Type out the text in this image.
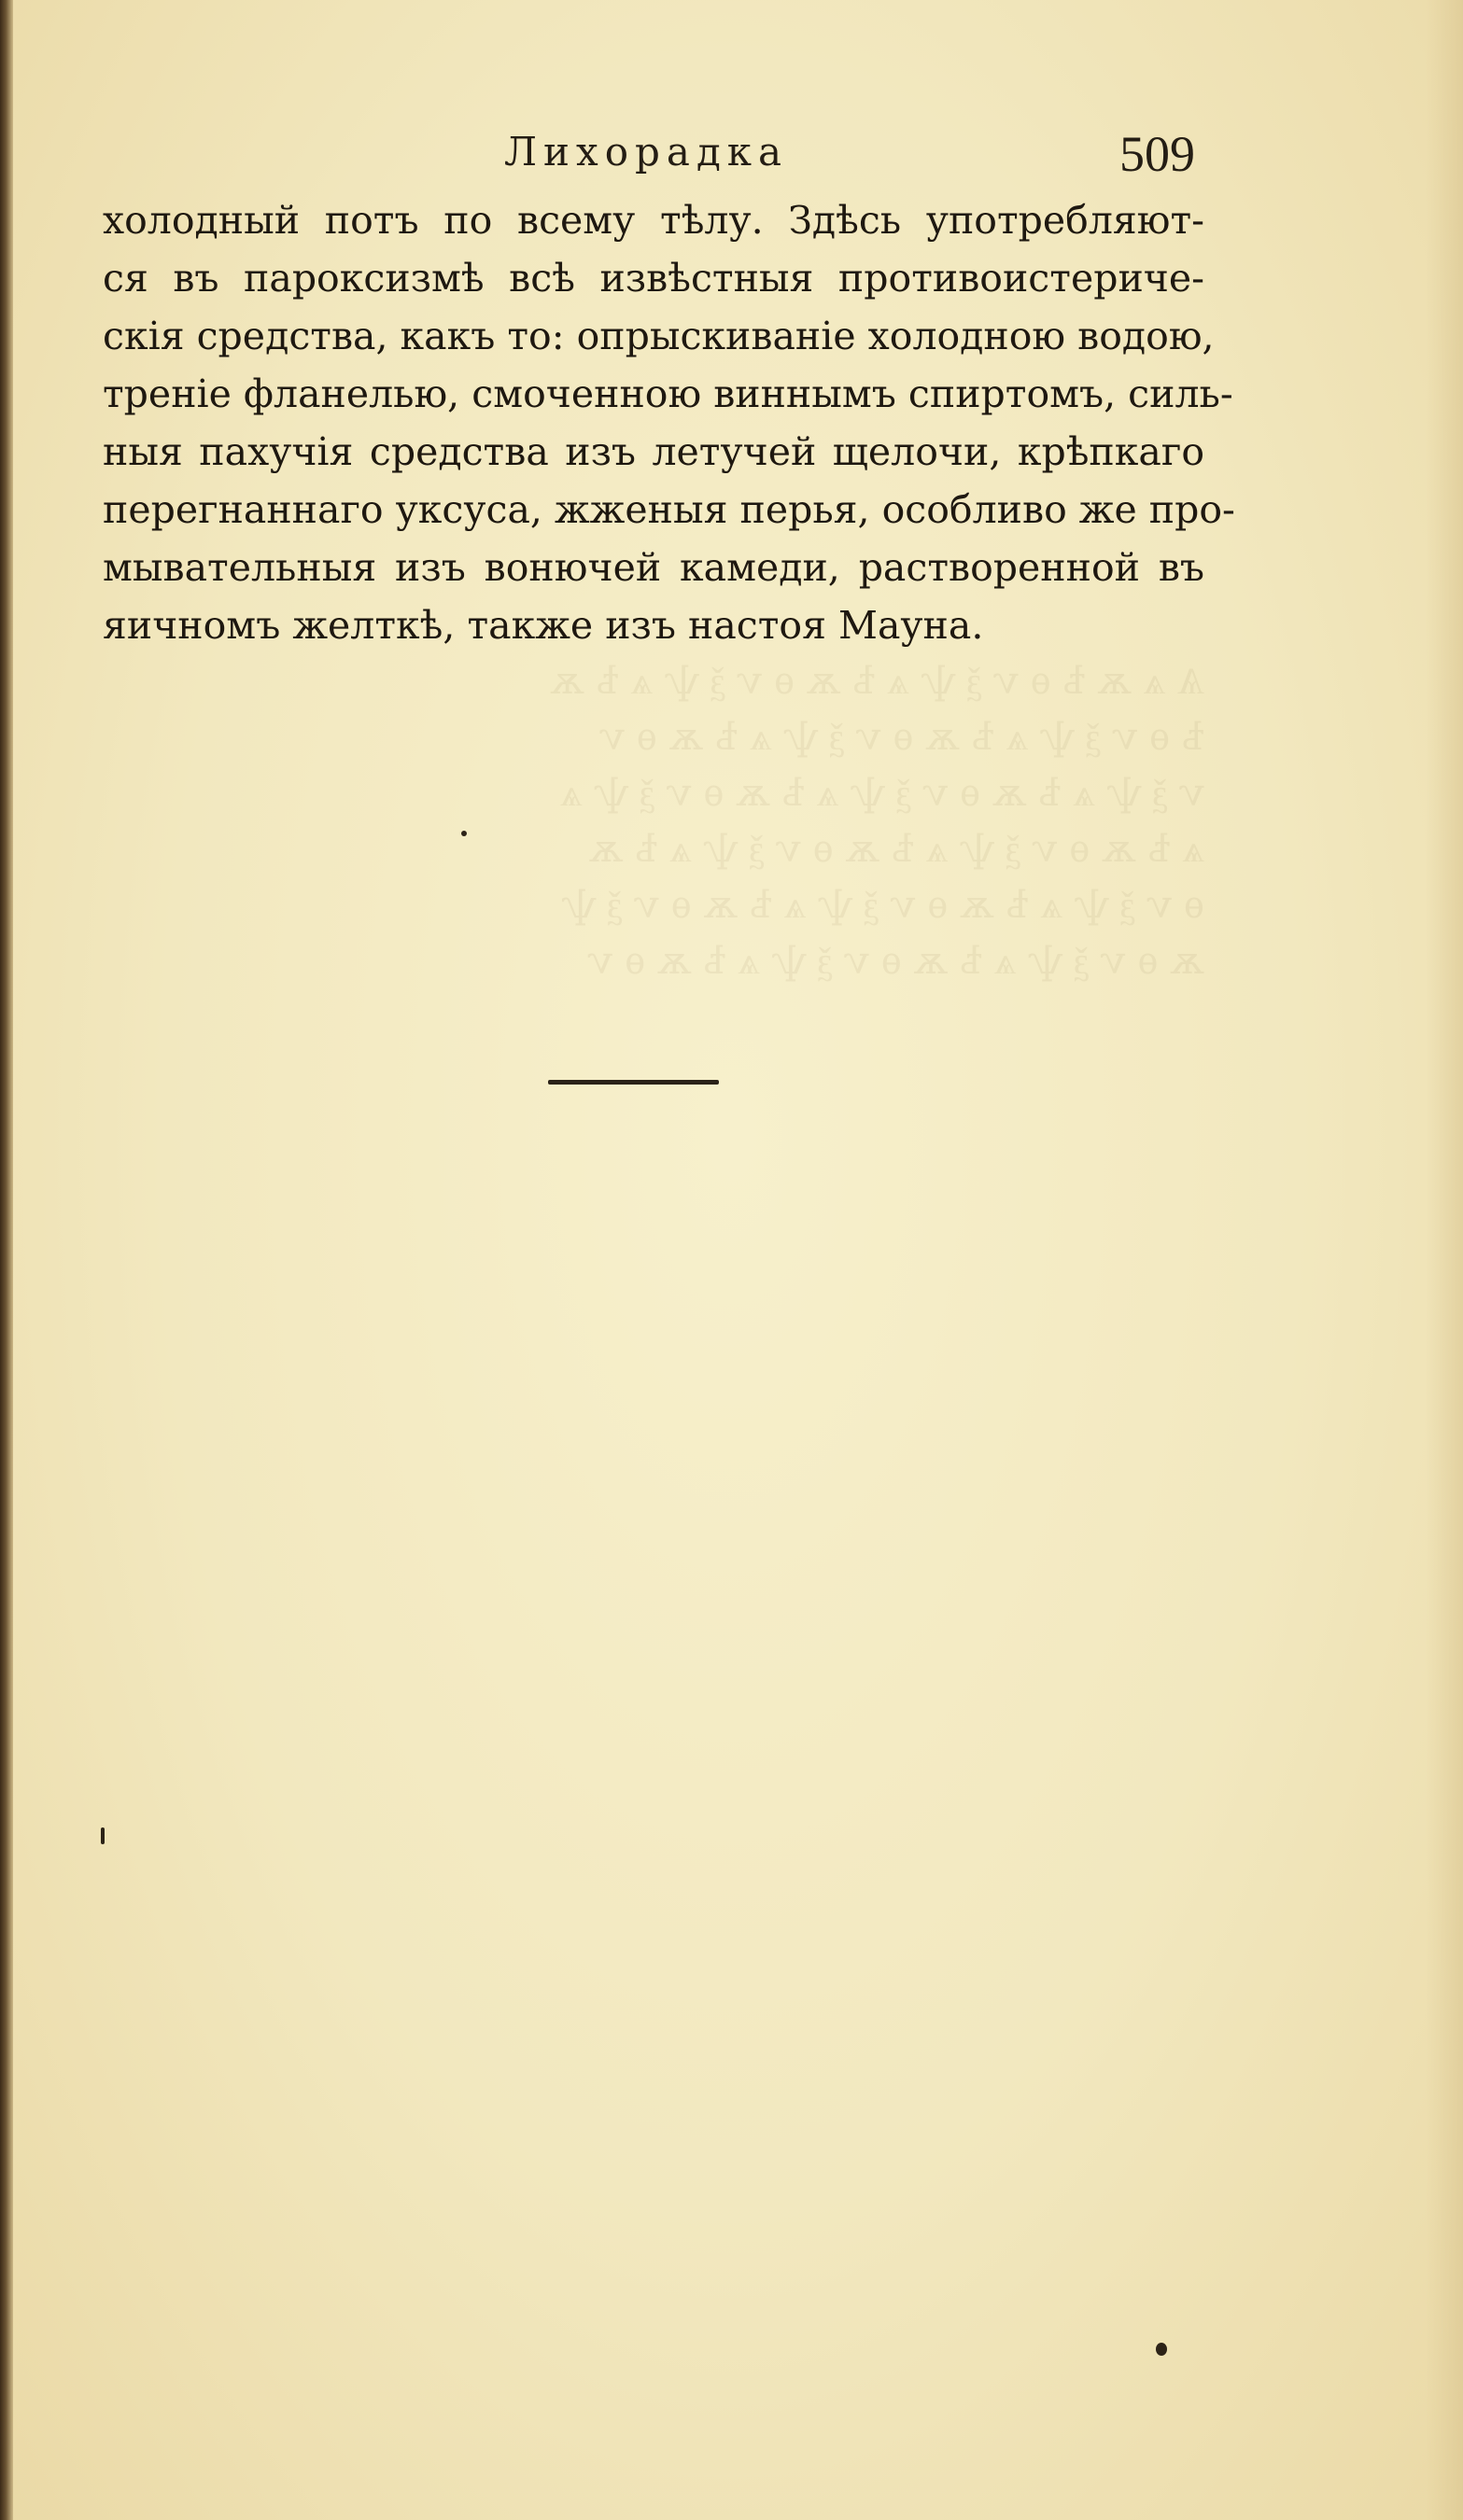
Ѧ ѧ ѫ ѣ ѳ ѵ ѯ ѱ ѧ ѣ ѫ ѳ ѵ ѯ ѱ ѧ ѣ ѫ
ѣ ѳ ѵ ѯ ѱ ѧ ѣ ѫ ѳ ѵ ѯ ѱ ѧ ѣ ѫ ѳ ѵ
ѵ ѯ ѱ ѧ ѣ ѫ ѳ ѵ ѯ ѱ ѧ ѣ ѫ ѳ ѵ ѯ ѱ ѧ
ѧ ѣ ѫ ѳ ѵ ѯ ѱ ѧ ѣ ѫ ѳ ѵ ѯ ѱ ѧ ѣ ѫ
ѳ ѵ ѯ ѱ ѧ ѣ ѫ ѳ ѵ ѯ ѱ ѧ ѣ ѫ ѳ ѵ ѯ ѱ
ѫ ѳ ѵ ѯ ѱ ѧ ѣ ѫ ѳ ѵ ѯ ѱ ѧ ѣ ѫ ѳ ѵ
Лихорадка	509
холодный потъ по всему тѣлу. Здѣсь употребляют-
ся въ пароксизмѣ всѣ извѣстныя противоистериче-
скія средства, какъ то: опрыскиваніе холодною водою,
треніе фланелью, смоченною виннымъ спиртомъ, силь-
ныя пахучія средства изъ летучей щелочи, крѣпкаго
перегнаннаго уксуса, жженыя перья, особливо же про-
мывательныя изъ вонючей камеди, растворенной въ
яичномъ желткѣ, также изъ настоя Мауна.
